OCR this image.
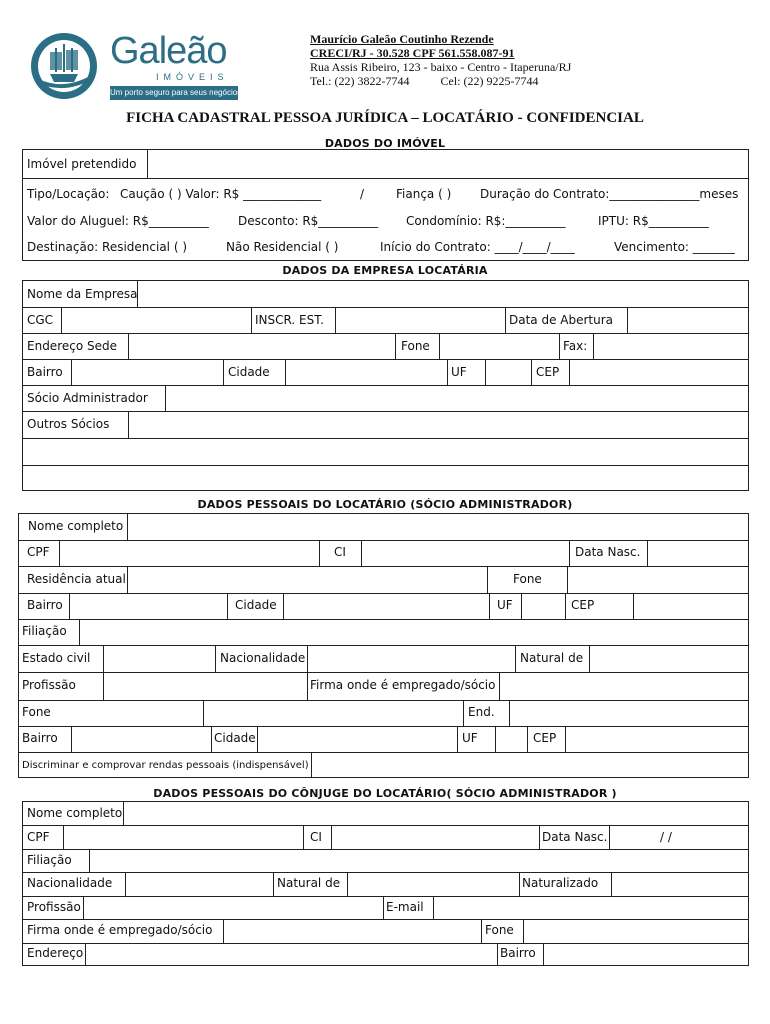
Galeão
IMÓVEIS
Um porto seguro para seus negócios
Maurício Galeão Coutinho Rezende
CRECI/RJ - 30.528 CPF 561.558.087-91
Rua Assis Ribeiro, 123 - baixo - Centro - Itaperuna/RJ
Tel.: (22) 3822-7744	Cel: (22) 9225-7744
FICHA CADASTRAL PESSOA JURÍDICA – LOCATÁRIO - CONFIDENCIAL
DADOS DO IMÓVEL
Imóvel pretendido
Tipo/Locação: Caução ( ) Valor: R$ _____________	/	Fiança ( ) Duração do Contrato:_______________meses
Valor do Aluguel: R$__________ Desconto: R$__________ Condomínio: R$:__________	IPTU: R$__________
Destinação: Residencial ( )	Não Residencial ( )	Início do Contrato: ____/____/____	Vencimento: _______
DADOS DA EMPRESA LOCATÁRIA
Nome da Empresa
CGC	INSCR. EST.	Data de Abertura
Endereço Sede	Fone	Fax:
Bairro	Cidade	UF	CEP
Sócio Administrador
Outros Sócios
DADOS PESSOAIS DO LOCATÁRIO (SÓCIO ADMINISTRADOR)
Nome completo
CPF	CI	Data Nasc.
Residência atual	Fone
Bairro	Cidade	UF	CEP
Filiação
Estado civil	Nacionalidade	Natural de
Profissão	Firma onde é empregado/sócio
Fone	End.
Bairro	Cidade	UF	CEP
Discriminar e comprovar rendas pessoais (indispensável)
DADOS PESSOAIS DO CÔNJUGE DO LOCATÁRIO( SÓCIO ADMINISTRADOR )
Nome completo
CPF	CI	Data Nasc.	/ /
Filiação
Nacionalidade	Natural de	Naturalizado
Profissão	E-mail
Firma onde é empregado/sócio	Fone
Endereço	Bairro
